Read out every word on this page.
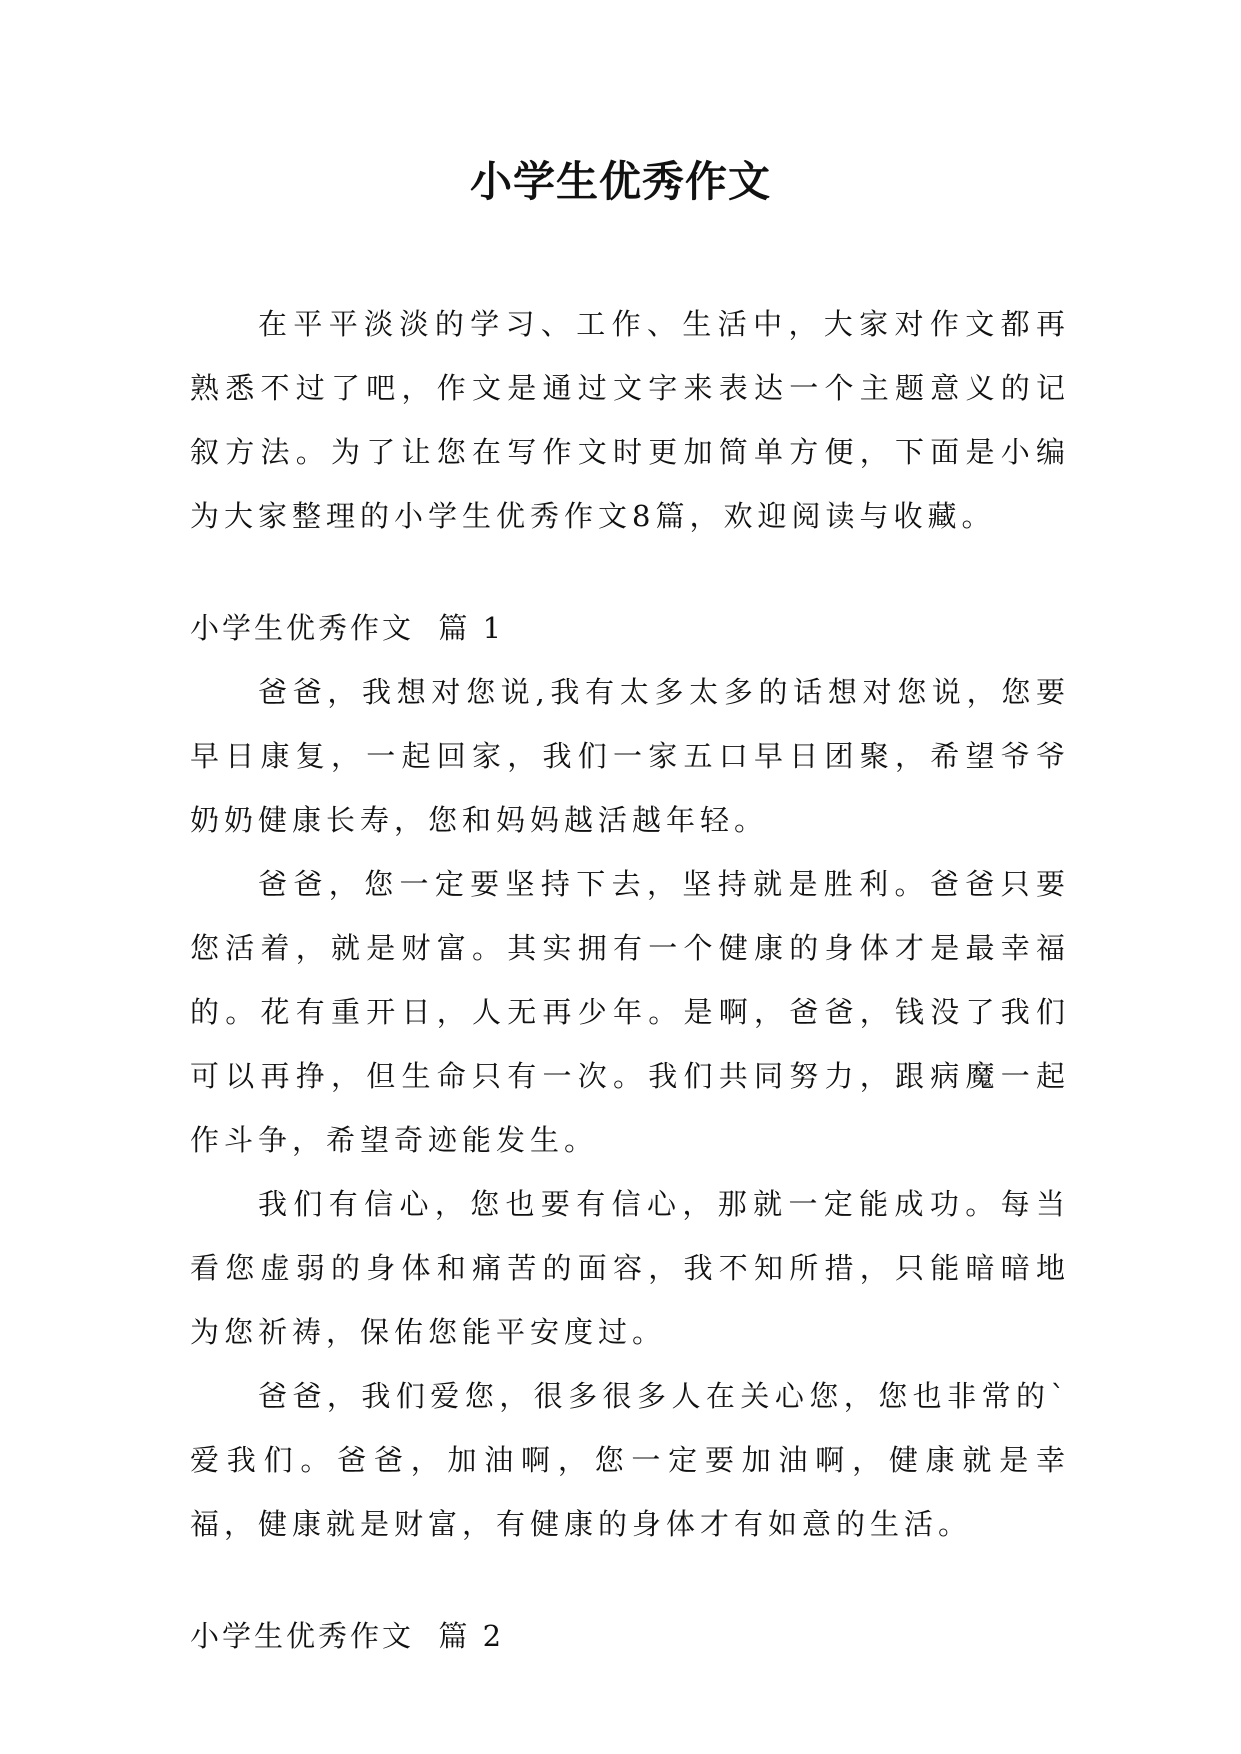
小学生优秀作文

在平平淡淡的学习、工作、生活中，大家对作文都再熟悉不过了吧，作文是通过文字来表达一个主题意义的记叙方法。为了让您在写作文时更加简单方便，下面是小编为大家整理的小学生优秀作文8篇，欢迎阅读与收藏。

小学生优秀作文  篇 1

爸爸，我想对您说,我有太多太多的话想对您说，您要早日康复，一起回家，我们一家五口早日团聚，希望爷爷奶奶健康长寿，您和妈妈越活越年轻。

爸爸，您一定要坚持下去，坚持就是胜利。爸爸只要您活着，就是财富。其实拥有一个健康的身体才是最幸福的。花有重开日，人无再少年。是啊，爸爸，钱没了我们可以再挣，但生命只有一次。我们共同努力，跟病魔一起作斗争，希望奇迹能发生。

我们有信心，您也要有信心，那就一定能成功。每当看您虚弱的身体和痛苦的面容，我不知所措，只能暗暗地为您祈祷，保佑您能平安度过。

爸爸，我们爱您，很多很多人在关心您，您也非常的`爱我们。爸爸，加油啊，您一定要加油啊，健康就是幸福，健康就是财富，有健康的身体才有如意的生活。

小学生优秀作文  篇 2
